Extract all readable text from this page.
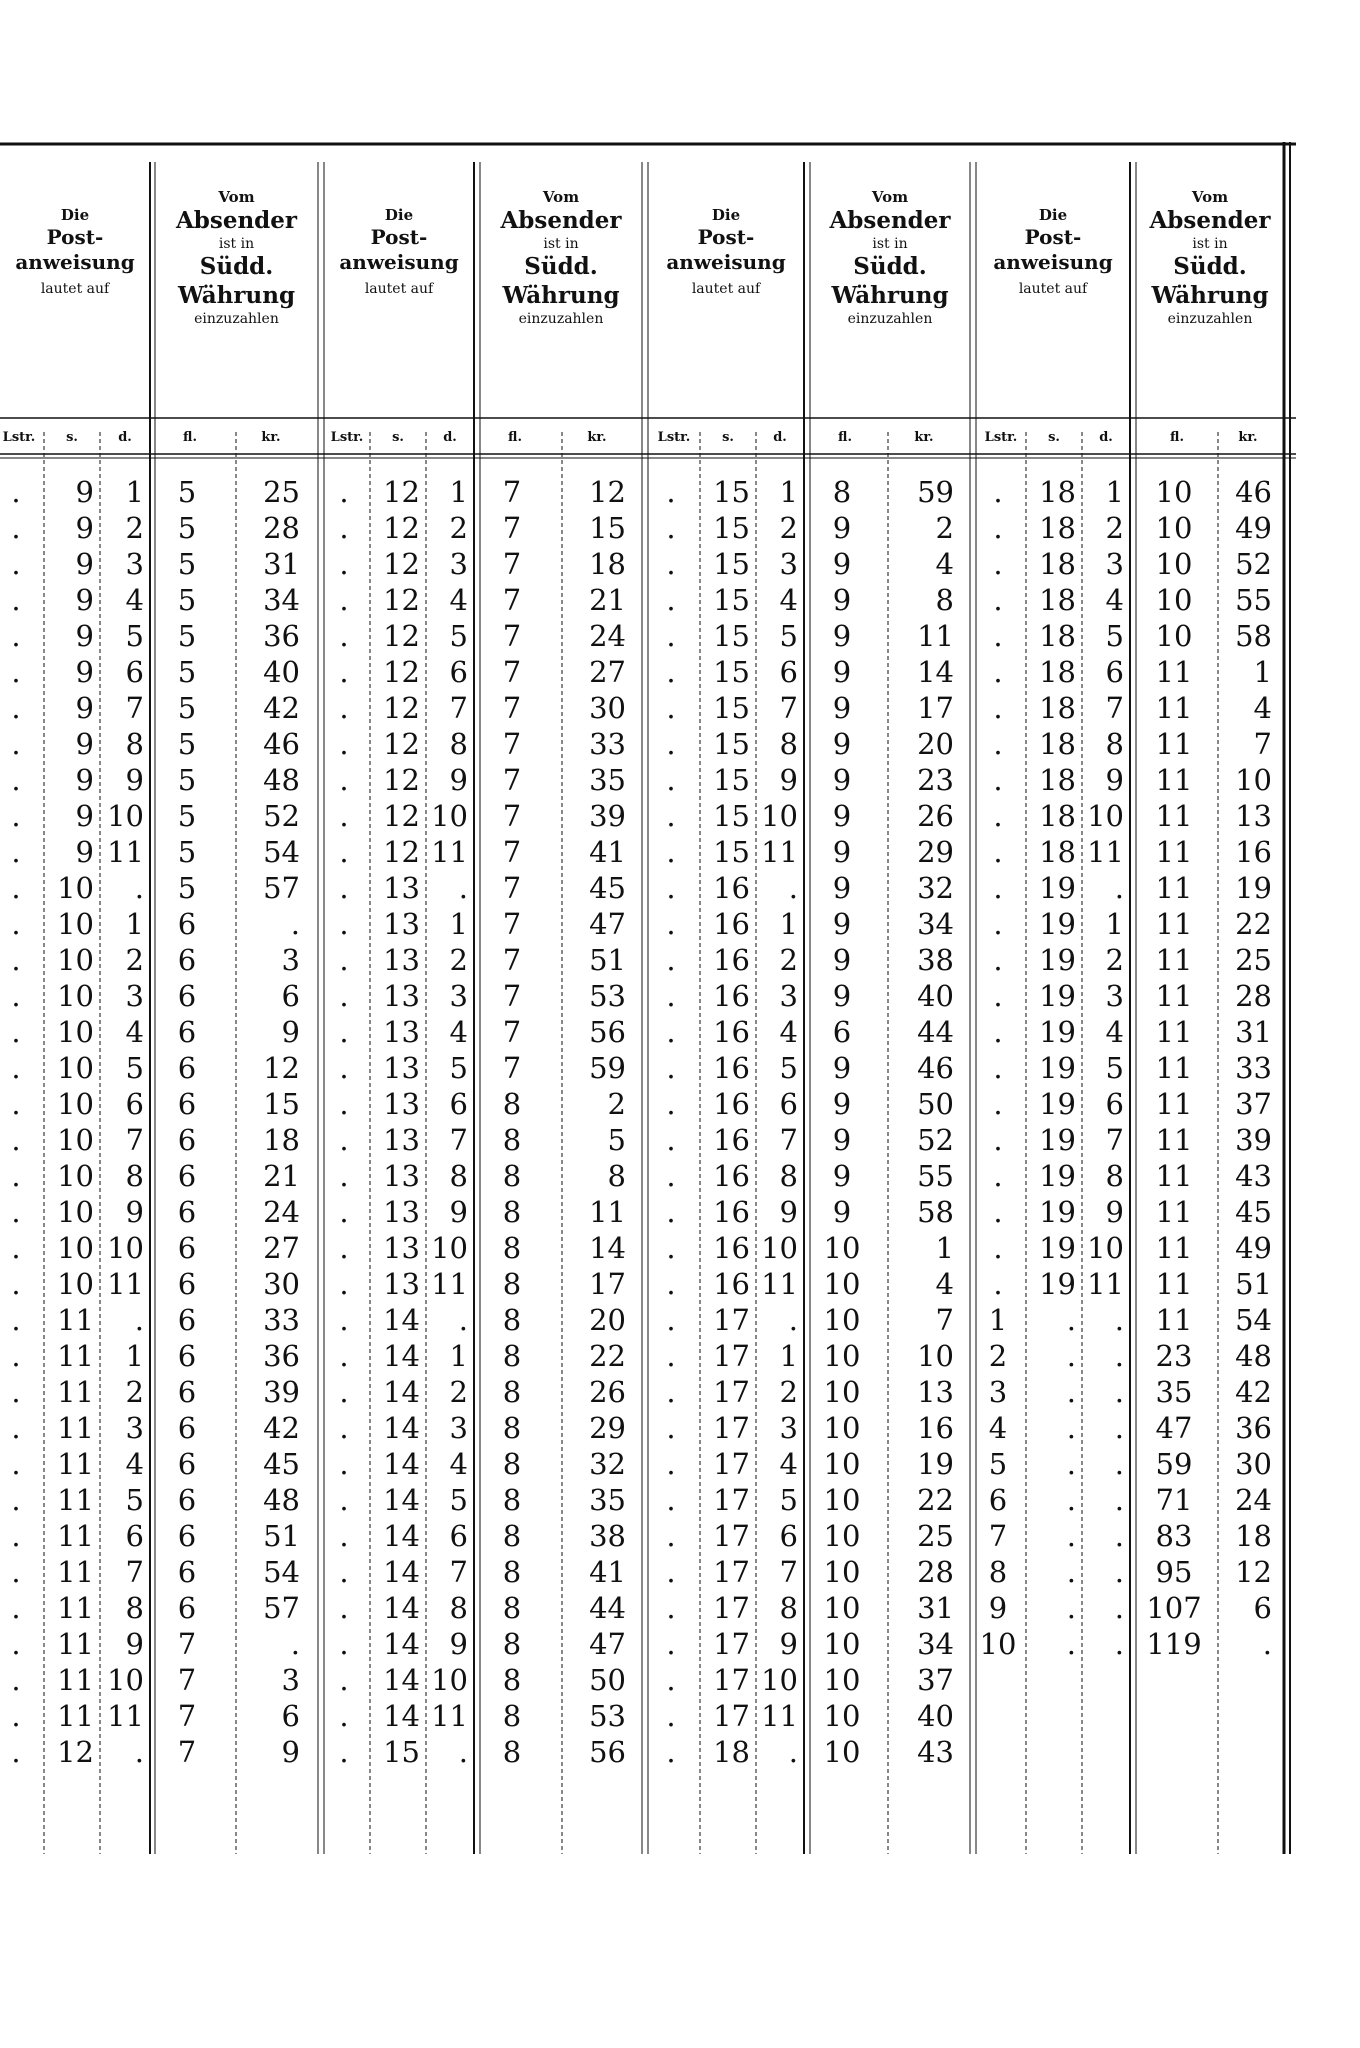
Die
Post-
anweisung
lautet auf
Vom
Absender
ist in
Südd.
Währung
einzuzahlen
Lstr.
.
.
.
.
.
.
.
.
.
.
.
.
.
.
.
.
.
.
.
.
.
.
.
.
.
.
.
.
.
.
.
.
.
.
.
.
s.
9
9
9
9
9
9
9
9
9
9
9
10
10
10
10
10
10
10
10
10
10
10
10
11
11
11
11
11
11
11
11
11
11
11
11
12
d.
1
2
3
4
5
6
7
8
9
10
11
.
1
2
3
4
5
6
7
8
9
10
11
.
1
2
3
4
5
6
7
8
9
10
11
.
fl.
5
5
5
5
5
5
5
5
5
5
5
5
6
6
6
6
6
6
6
6
6
6
6
6
6
6
6
6
6
6
6
6
7
7
7
7
kr.
25
28
31
34
36
40
42
46
48
52
54
57
.
3
6
9
12
15
18
21
24
27
30
33
36
39
42
45
48
51
54
57
.
3
6
9
Die
Post-
anweisung
lautet auf
Vom
Absender
ist in
Südd.
Währung
einzuzahlen
Lstr.
.
.
.
.
.
.
.
.
.
.
.
.
.
.
.
.
.
.
.
.
.
.
.
.
.
.
.
.
.
.
.
.
.
.
.
.
s.
12
12
12
12
12
12
12
12
12
12
12
13
13
13
13
13
13
13
13
13
13
13
13
14
14
14
14
14
14
14
14
14
14
14
14
15
d.
1
2
3
4
5
6
7
8
9
10
11
.
1
2
3
4
5
6
7
8
9
10
11
.
1
2
3
4
5
6
7
8
9
10
11
.
fl.
7
7
7
7
7
7
7
7
7
7
7
7
7
7
7
7
7
8
8
8
8
8
8
8
8
8
8
8
8
8
8
8
8
8
8
8
kr.
12
15
18
21
24
27
30
33
35
39
41
45
47
51
53
56
59
2
5
8
11
14
17
20
22
26
29
32
35
38
41
44
47
50
53
56
Die
Post-
anweisung
lautet auf
Vom
Absender
ist in
Südd.
Währung
einzuzahlen
Lstr.
.
.
.
.
.
.
.
.
.
.
.
.
.
.
.
.
.
.
.
.
.
.
.
.
.
.
.
.
.
.
.
.
.
.
.
.
s.
15
15
15
15
15
15
15
15
15
15
15
16
16
16
16
16
16
16
16
16
16
16
16
17
17
17
17
17
17
17
17
17
17
17
17
18
d.
1
2
3
4
5
6
7
8
9
10
11
.
1
2
3
4
5
6
7
8
9
10
11
.
1
2
3
4
5
6
7
8
9
10
11
.
fl.
8
9
9
9
9
9
9
9
9
9
9
9
9
9
9
6
9
9
9
9
9
10
10
10
10
10
10
10
10
10
10
10
10
10
10
10
kr.
59
2
4
8
11
14
17
20
23
26
29
32
34
38
40
44
46
50
52
55
58
1
4
7
10
13
16
19
22
25
28
31
34
37
40
43
Die
Post-
anweisung
lautet auf
Vom
Absender
ist in
Südd.
Währung
einzuzahlen
Lstr.
.
.
.
.
.
.
.
.
.
.
.
.
.
.
.
.
.
.
.
.
.
.
.
1
2
3
4
5
6
7
8
9
10
s.
18
18
18
18
18
18
18
18
18
18
18
19
19
19
19
19
19
19
19
19
19
19
19
.
.
.
.
.
.
.
.
.
.
d.
1
2
3
4
5
6
7
8
9
10
11
.
1
2
3
4
5
6
7
8
9
10
11
.
.
.
.
.
.
.
.
.
.
fl.
10
10
10
10
10
11
11
11
11
11
11
11
11
11
11
11
11
11
11
11
11
11
11
11
23
35
47
59
71
83
95
107
119
kr.
46
49
52
55
58
1
4
7
10
13
16
19
22
25
28
31
33
37
39
43
45
49
51
54
48
42
36
30
24
18
12
6
.
